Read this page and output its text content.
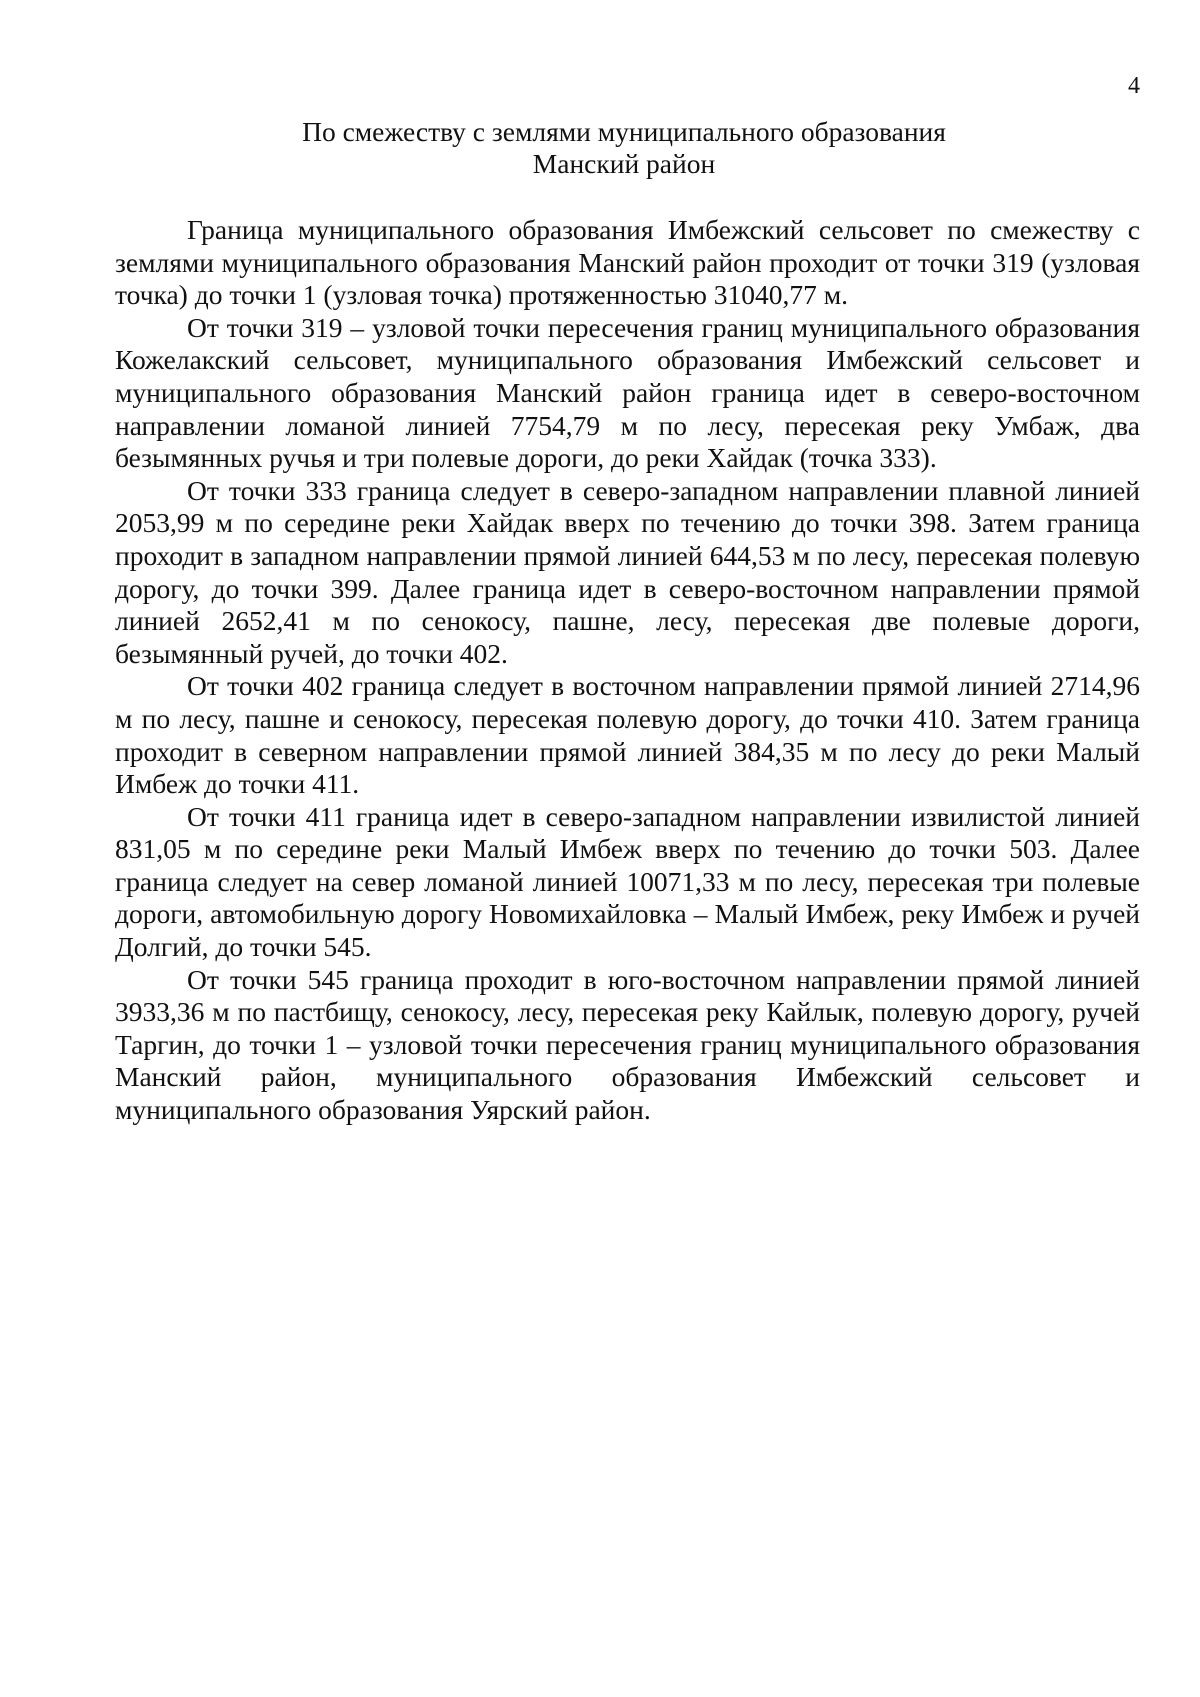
4
По смежеству с землями муниципального образования
Манский район

Граница муниципального образования Имбежский сельсовет по смежеству с землями муниципального образования Манский район проходит от точки 319 (узловая точка) до точки 1 (узловая точка) протяженностью 31040,77 м.

От точки 319 – узловой точки пересечения границ муниципального образования Кожелакский сельсовет, муниципального образования Имбежский сельсовет и муниципального образования Манский район граница идет в северо-восточном направлении ломаной линией 7754,79 м по лесу, пересекая реку Умбаж, два безымянных ручья и три полевые дороги, до реки Хайдак (точка 333).

От точки 333 граница следует в северо-западном направлении плавной линией 2053,99 м по середине реки Хайдак вверх по течению до точки 398. Затем граница проходит в западном направлении прямой линией 644,53 м по лесу, пересекая полевую дорогу, до точки 399. Далее граница идет в северо-восточном направлении прямой линией 2652,41 м по сенокосу, пашне, лесу, пересекая две полевые дороги, безымянный ручей, до точки 402.

От точки 402 граница следует в восточном направлении прямой линией 2714,96 м по лесу, пашне и сенокосу, пересекая полевую дорогу, до точки 410. Затем граница проходит в северном направлении прямой линией 384,35 м по лесу до реки Малый Имбеж до точки 411.

От точки 411 граница идет в северо-западном направлении извилистой линией 831,05 м по середине реки Малый Имбеж вверх по течению до точки 503. Далее граница следует на север ломаной линией 10071,33 м по лесу, пересекая три полевые дороги, автомобильную дорогу Новомихайловка – Малый Имбеж, реку Имбеж и ручей Долгий, до точки 545.

От точки 545 граница проходит в юго-восточном направлении прямой линией 3933,36 м по пастбищу, сенокосу, лесу, пересекая реку Кайлык, полевую дорогу, ручей Таргин, до точки 1 – узловой точки пересечения границ муниципального образования Манский район, муниципального образования Имбежский сельсовет и муниципального образования Уярский район.
